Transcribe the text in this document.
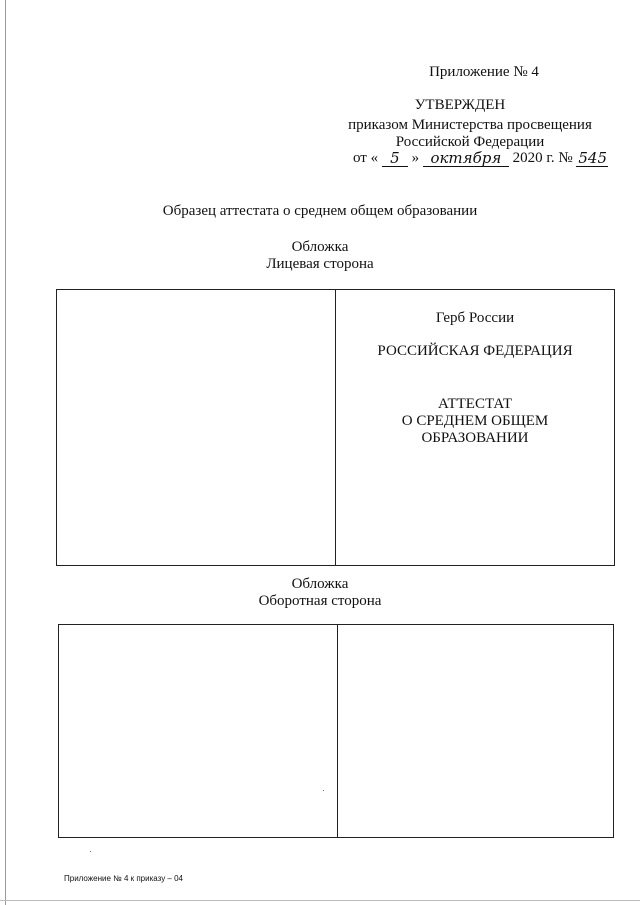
Приложение № 4
УТВЕРЖДЕН
приказом Министерства просвещения
Российской Федерации
от « 5 » октября 2020 г. № 545
Образец аттестата о среднем общем образовании
Обложка
Лицевая сторона
Герб России
РОССИЙСКАЯ ФЕДЕРАЦИЯ
АТТЕСТАТ
О СРЕДНЕМ ОБЩЕМ
ОБРАЗОВАНИИ
Обложка
Оборотная сторона
Приложение № 4 к приказу – 04
